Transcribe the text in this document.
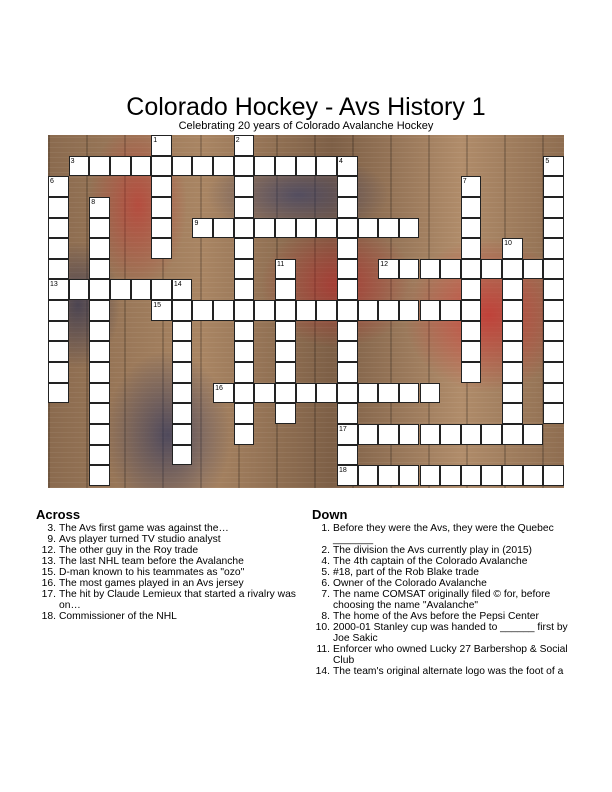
Colorado Hockey - Avs History 1
Celebrating 20 years of Colorado Avalanche Hockey
3
9
12
13
15
16
17
18
1	2
4	5
6	7
8
10
11
14
Across
3. The Avs first game was against the…
9. Avs player turned TV studio analyst
12. The other guy in the Roy trade
13. The last NHL team before the Avalanche
15. D-man known to his teammates as "ozo"
16. The most games played in an Avs jersey
17. The hit by Claude Lemieux that started a rivalry was on…
18. Commissioner of the NHL
Down
1. Before they were the Avs, they were the Quebec _______
2. The division the Avs currently play in (2015)
4. The 4th captain of the Colorado Avalanche
5. #18, part of the Rob Blake trade
6. Owner of the Colorado Avalanche
7. The name COMSAT originally filed © for, before choosing the name "Avalanche"
8. The home of the Avs before the Pepsi Center
10. 2000-01 Stanley cup was handed to ______ first by Joe Sakic
11. Enforcer who owned Lucky 27 Barbershop & Social Club
14. The team's original alternate logo was the foot of a
